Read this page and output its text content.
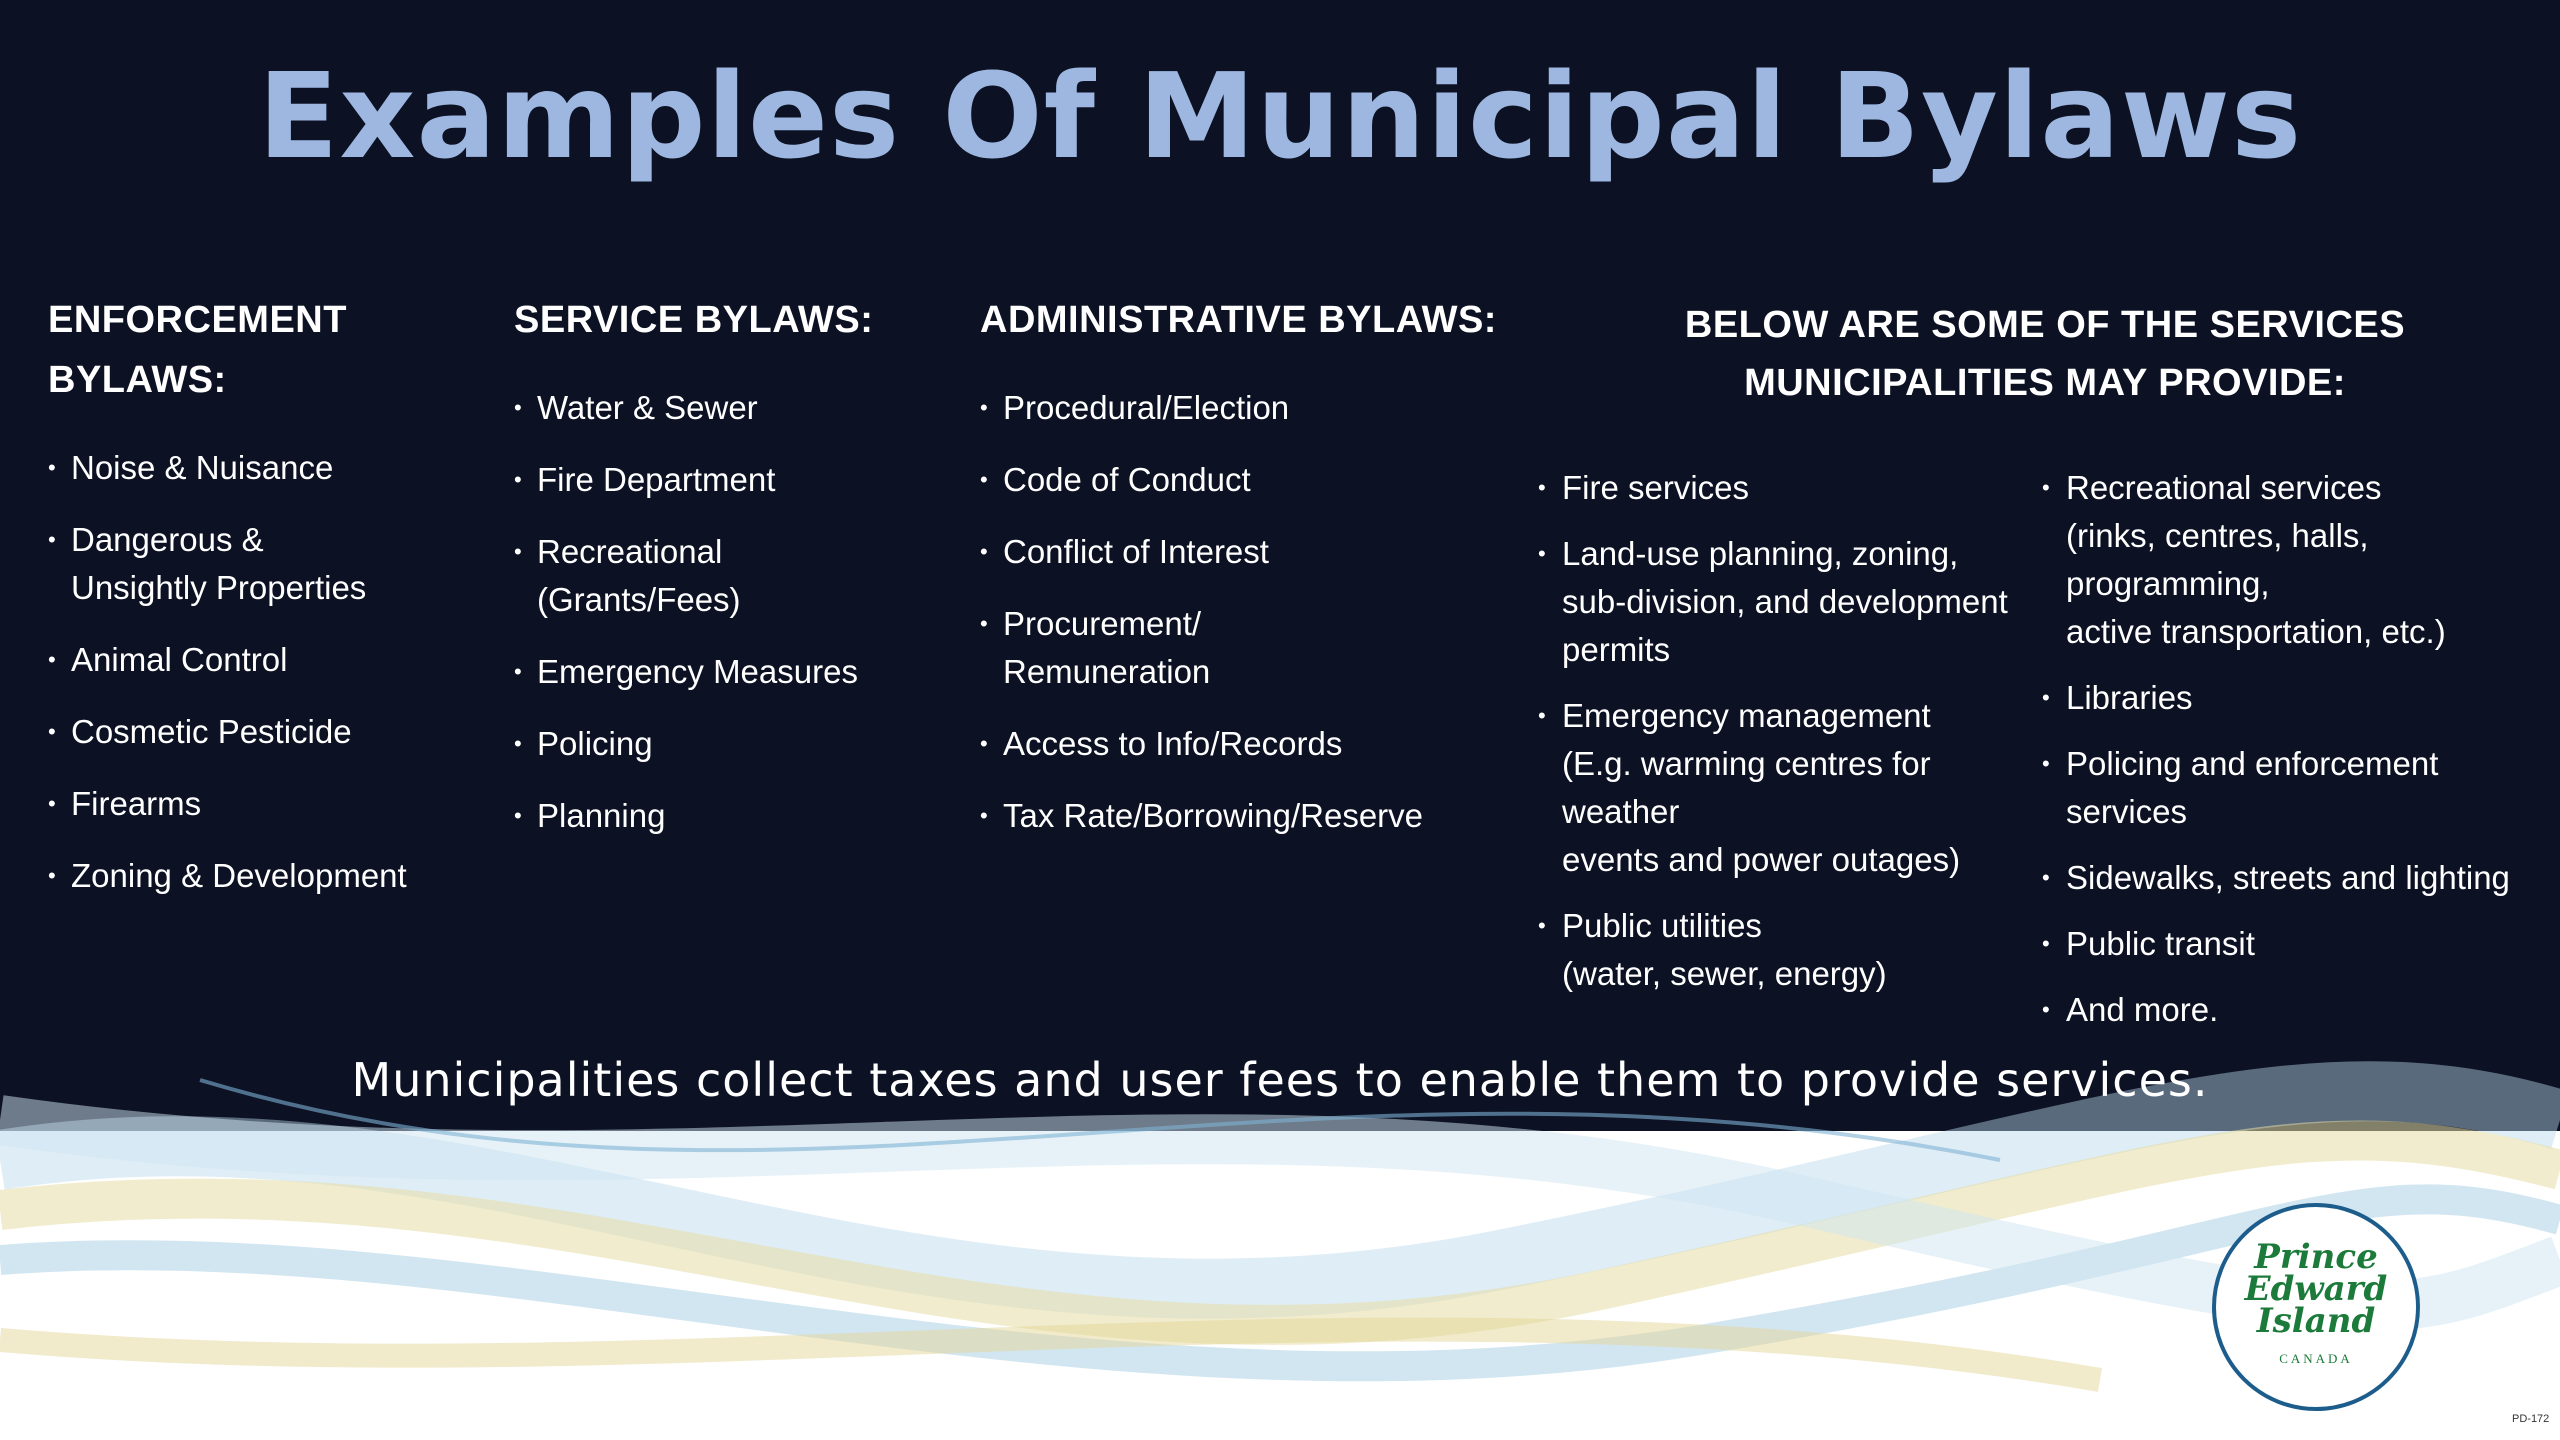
Examples Of Municipal Bylaws
ENFORCEMENT BYLAWS:
• Noise & Nuisance
• Dangerous &
Unsightly Properties
• Animal Control
• Cosmetic Pesticide
• Firearms
• Zoning & Development
SERVICE BYLAWS:
• Water & Sewer
• Fire Department
• Recreational
(Grants/Fees)
• Emergency Measures
• Policing
• Planning
ADMINISTRATIVE BYLAWS:
• Procedural/Election
• Code of Conduct
• Conflict of Interest
• Procurement/
Remuneration
• Access to Info/Records
• Tax Rate/Borrowing/Reserve
BELOW ARE SOME OF THE SERVICES
MUNICIPALITIES MAY PROVIDE:
• Fire services
• Land-use planning, zoning,
sub-division, and development
permits
• Emergency management
(E.g. warming centres for weather
events and power outages)
• Public utilities
(water, sewer, energy)
• Recreational services
(rinks, centres, halls, programming,
active transportation, etc.)
• Libraries
• Policing and enforcement services
• Sidewalks, streets and lighting
• Public transit
• And more.
Municipalities collect taxes and user fees to enable them to provide services.
Prince
Edward
Island
CANADA
PD-172
